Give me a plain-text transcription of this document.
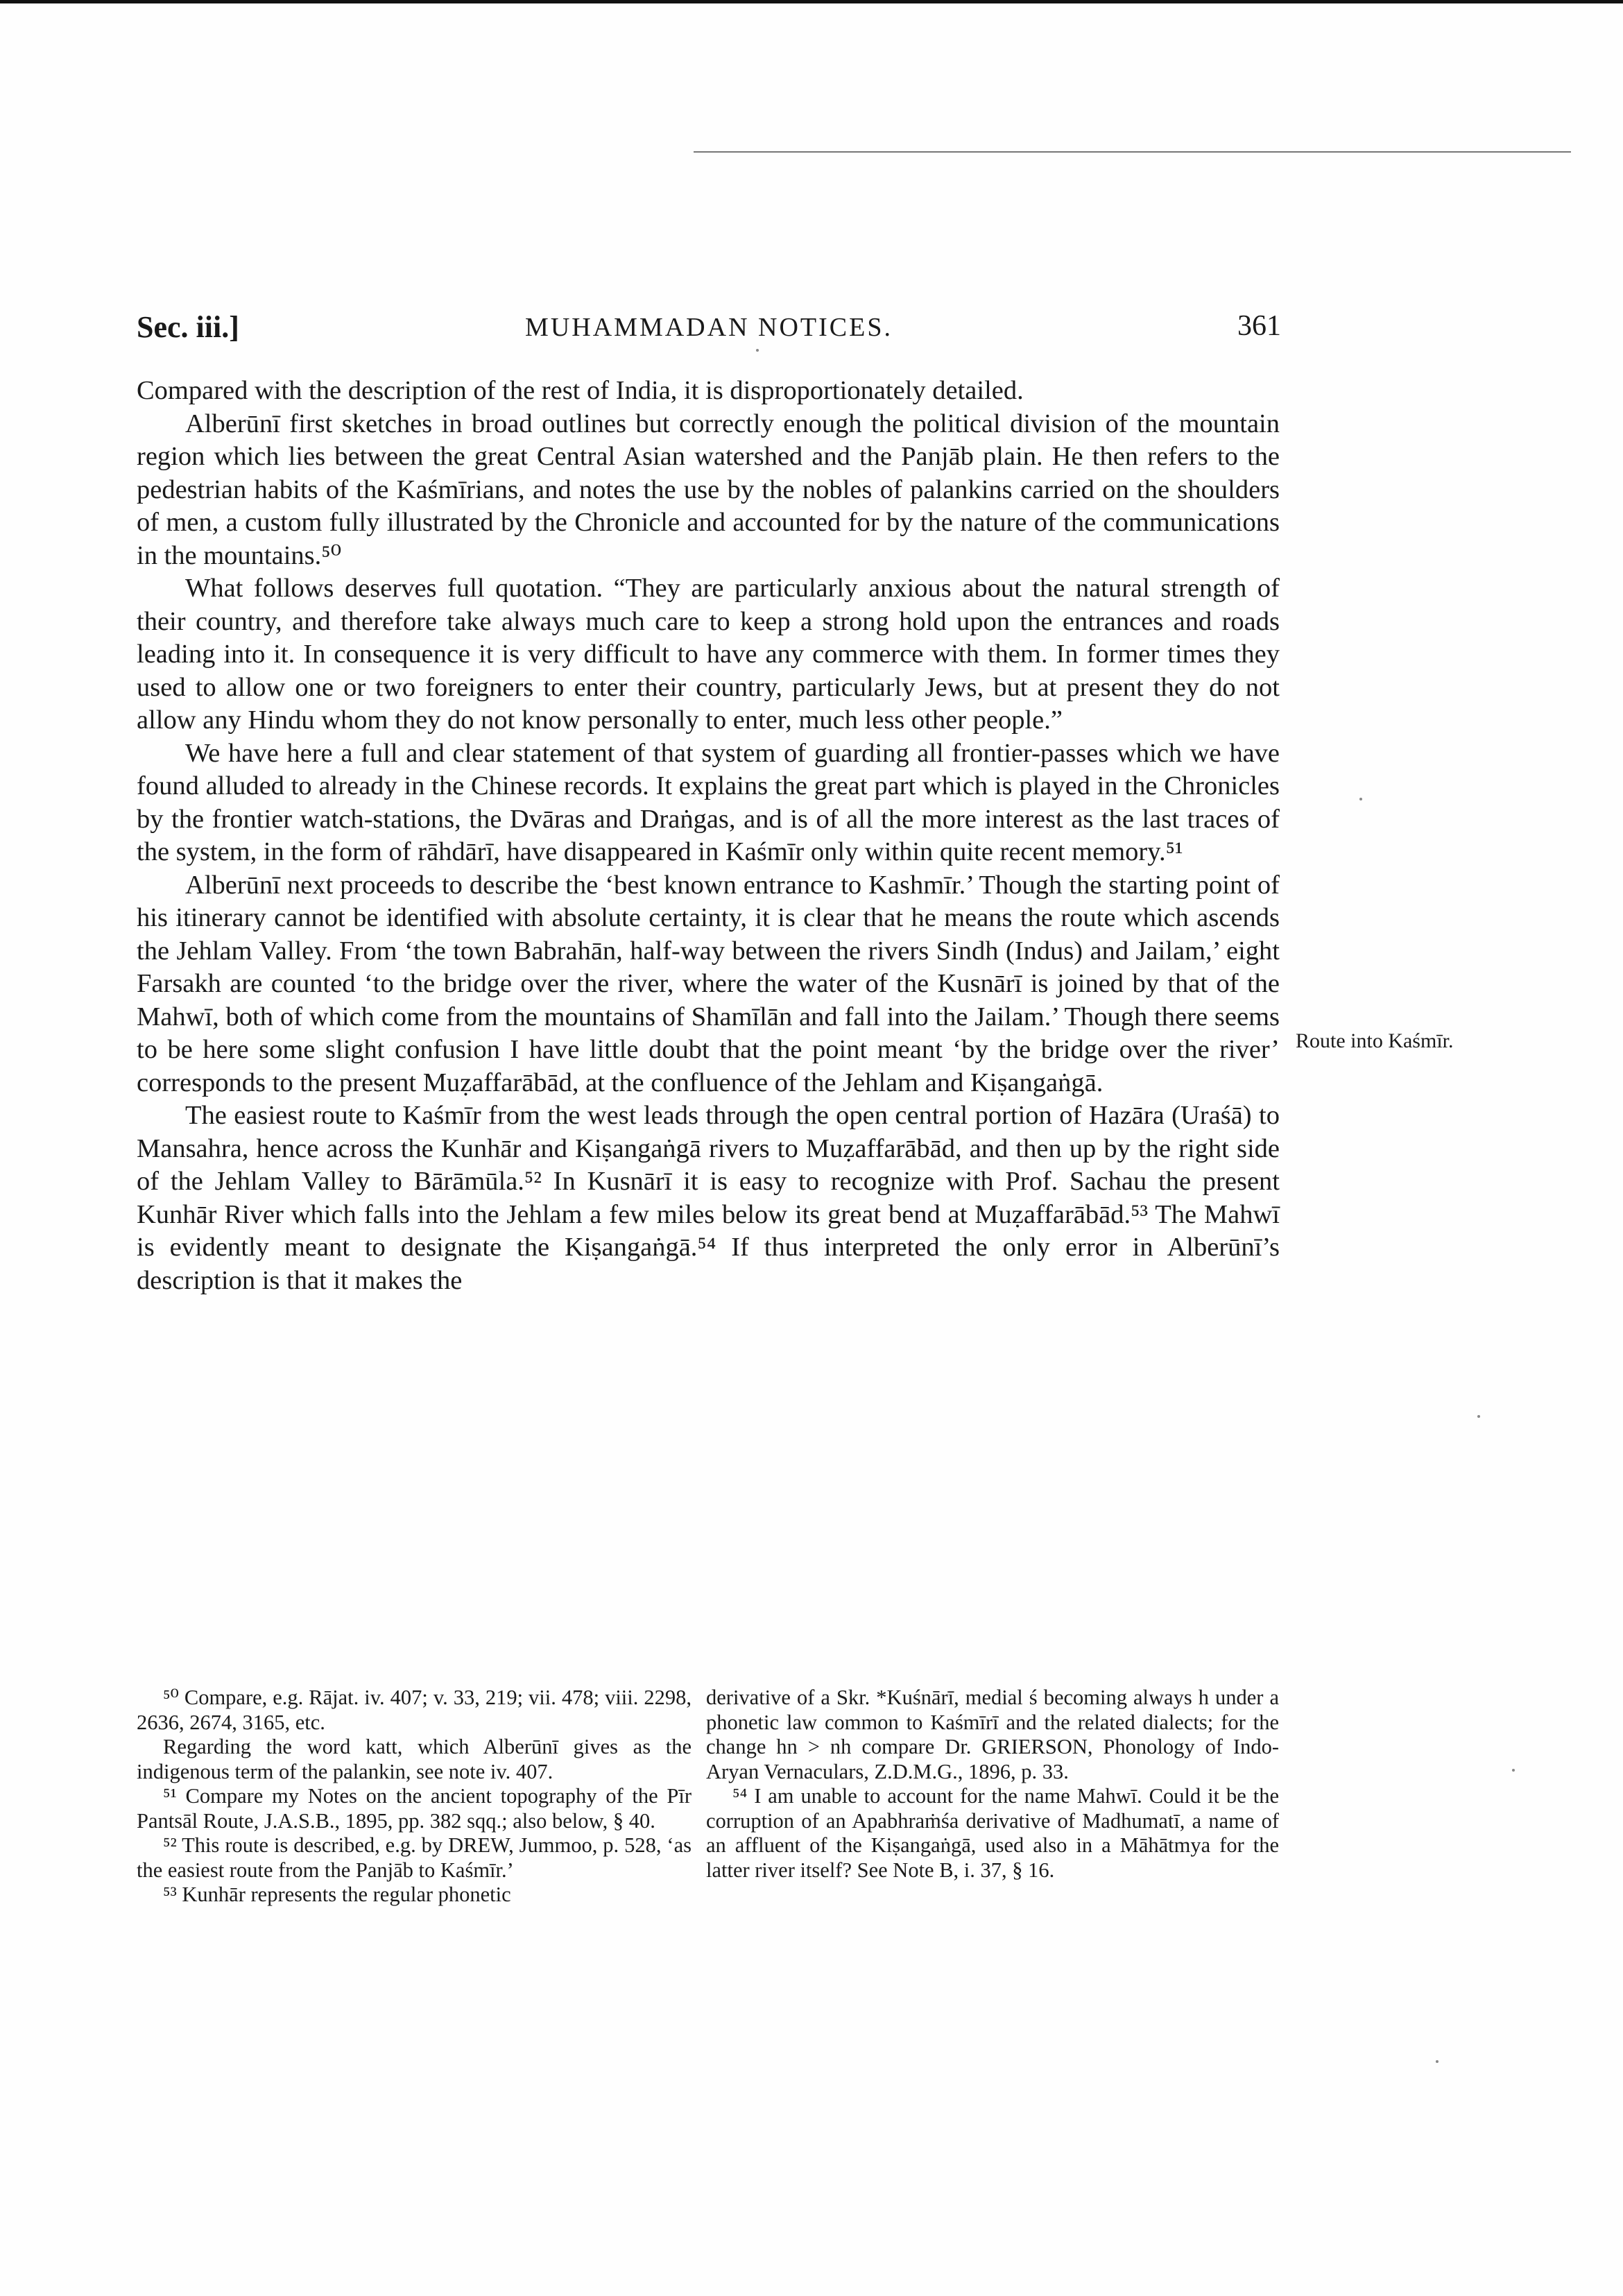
Sec. iii.]	MUHAMMADAN NOTICES.	361

Compared with the description of the rest of India, it is disproportionately detailed.

Alberūnī first sketches in broad outlines but correctly enough the political division of the mountain region which lies between the great Central Asian watershed and the Panjāb plain. He then refers to the pedestrian habits of the Kaśmīrians, and notes the use by the nobles of palankins carried on the shoulders of men, a custom fully illustrated by the Chronicle and accounted for by the nature of the communications in the mountains.⁵⁰

What follows deserves full quotation. “They are particularly anxious about the natural strength of their country, and therefore take always much care to keep a strong hold upon the entrances and roads leading into it. In consequence it is very difficult to have any commerce with them. In former times they used to allow one or two foreigners to enter their country, particularly Jews, but at present they do not allow any Hindu whom they do not know personally to enter, much less other people.”

We have here a full and clear statement of that system of guarding all frontier-passes which we have found alluded to already in the Chinese records. It explains the great part which is played in the Chronicles by the frontier watch-stations, the Dvāras and Draṅgas, and is of all the more interest as the last traces of the system, in the form of rāhdārī, have disappeared in Kaśmīr only within quite recent memory.⁵¹

Alberūnī next proceeds to describe the ‘best known entrance to Kashmīr.’ Though the starting point of his itinerary cannot be identified with absolute certainty, it is clear that he means the route which ascends the Jehlam Valley. From ‘the town Babrahān, half-way between the rivers Sindh (Indus) and Jailam,’ eight Farsakh are counted ‘to the bridge over the river, where the water of the Kusnārī is joined by that of the Mahwī, both of which come from the mountains of Shamīlān and fall into the Jailam.’ Though there seems to be here some slight confusion I have little doubt that the point meant ‘by the bridge over the river’ corresponds to the present Muẓaffarābād, at the confluence of the Jehlam and Kiṣangaṅgā.

The easiest route to Kaśmīr from the west leads through the open central portion of Hazāra (Uraśā) to Mansahra, hence across the Kunhār and Kiṣangaṅgā rivers to Muẓaffarābād, and then up by the right side of the Jehlam Valley to Bārāmūla.⁵² In Kusnārī it is easy to recognize with Prof. Sachau the present Kunhār River which falls into the Jehlam a few miles below its great bend at Muẓaffarābād.⁵³ The Mahwī is evidently meant to designate the Kiṣangaṅgā.⁵⁴ If thus interpreted the only error in Alberūnī’s description is that it makes the

Route into Kaśmīr.

⁵⁰ Compare, e.g. Rājat. iv. 407; v. 33, 219; vii. 478; viii. 2298, 2636, 2674, 3165, etc.

Regarding the word katt, which Alberūnī gives as the indigenous term of the palankin, see note iv. 407.

⁵¹ Compare my Notes on the ancient topography of the Pīr Pantsāl Route, J.A.S.B., 1895, pp. 382 sqq.; also below, § 40.

⁵² This route is described, e.g. by DREW, Jummoo, p. 528, ‘as the easiest route from the Panjāb to Kaśmīr.’

⁵³ Kunhār represents the regular phonetic

derivative of a Skr. *Kuśnārī, medial ś becoming always h under a phonetic law common to Kaśmīrī and the related dialects; for the change hn > nh compare Dr. GRIERSON, Phonology of Indo-Aryan Vernaculars, Z.D.M.G., 1896, p. 33.

⁵⁴ I am unable to account for the name Mahwī. Could it be the corruption of an Apabhraṁśa derivative of Madhumatī, a name of an affluent of the Kiṣangaṅgā, used also in a Māhātmya for the latter river itself? See Note B, i. 37, § 16.
